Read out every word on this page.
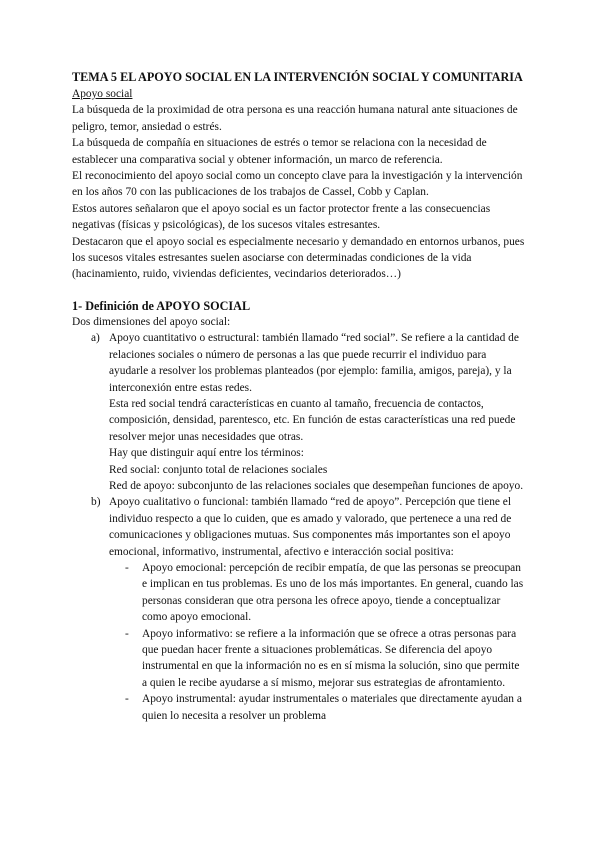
TEMA 5 EL APOYO SOCIAL EN LA INTERVENCIÓN SOCIAL Y COMUNITARIA

Apoyo social

La búsqueda de la proximidad de otra persona es una reacción humana natural ante situaciones de peligro, temor, ansiedad o estrés.

La búsqueda de compañía en situaciones de estrés o temor se relaciona con la necesidad de establecer una comparativa social y obtener información, un marco de referencia.

El reconocimiento del apoyo social como un concepto clave para la investigación y la intervención en los años 70 con las publicaciones de los trabajos de Cassel, Cobb y Caplan.

Estos autores señalaron que el apoyo social es un factor protector frente a las consecuencias negativas (físicas y psicológicas), de los sucesos vitales estresantes.

Destacaron que el apoyo social es especialmente necesario y demandado en entornos urbanos, pues los sucesos vitales estresantes suelen asociarse con determinadas condiciones de la vida (hacinamiento, ruido, viviendas deficientes, vecindarios deteriorados…)

1- Definición de APOYO SOCIAL

Dos dimensiones del apoyo social:

a) Apoyo cuantitativo o estructural: también llamado “red social”. Se refiere a la cantidad de relaciones sociales o número de personas a las que puede recurrir el individuo para ayudarle a resolver los problemas planteados (por ejemplo: familia, amigos, pareja), y la interconexión entre estas redes.

Esta red social tendrá características en cuanto al tamaño, frecuencia de contactos, composición, densidad, parentesco, etc. En función de estas características una red puede resolver mejor unas necesidades que otras.

Hay que distinguir aquí entre los términos:

Red social: conjunto total de relaciones sociales

Red de apoyo: subconjunto de las relaciones sociales que desempeñan funciones de apoyo.

b) Apoyo cualitativo o funcional: también llamado “red de apoyo”. Percepción que tiene el individuo respecto a que lo cuiden, que es amado y valorado, que pertenece a una red de comunicaciones y obligaciones mutuas. Sus componentes más importantes son el apoyo emocional, informativo, instrumental, afectivo e interacción social positiva:

- Apoyo emocional: percepción de recibir empatía, de que las personas se preocupan e implican en tus problemas. Es uno de los más importantes. En general, cuando las personas consideran que otra persona les ofrece apoyo, tiende a conceptualizar como apoyo emocional.

- Apoyo informativo: se refiere a la información que se ofrece a otras personas para que puedan hacer frente a situaciones problemáticas. Se diferencia del apoyo instrumental en que la información no es en sí misma la solución, sino que permite a quien le recibe ayudarse a sí mismo, mejorar sus estrategias de afrontamiento.

- Apoyo instrumental: ayudar instrumentales o materiales que directamente ayudan a quien lo necesita a resolver un problema
